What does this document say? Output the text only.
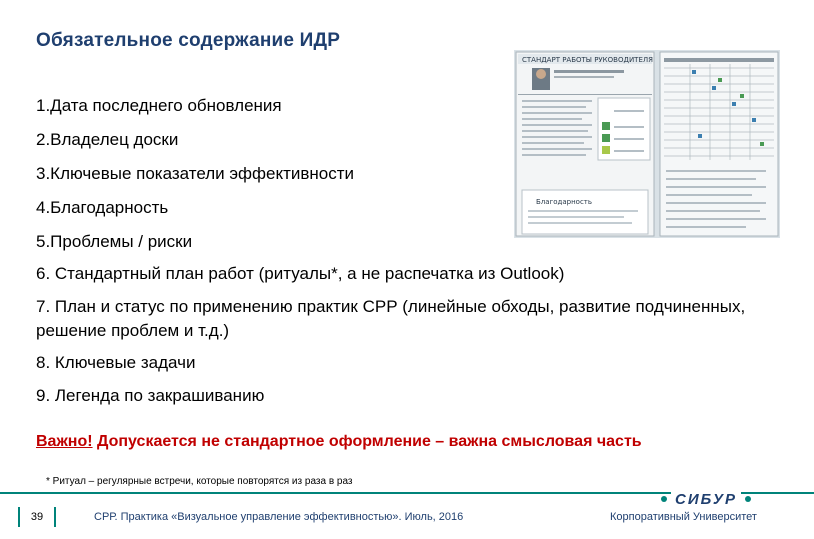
Обязательное содержание ИДР
1.Дата последнего обновления
2.Владелец доски
3.Ключевые показатели эффективности
4.Благодарность
5.Проблемы / риски
6. Стандартный план работ (ритуалы*, а не распечатка из Outlook)
7. План и статус по применению практик СРР (линейные обходы, развитие подчиненных, решение проблем и т.д.)
8. Ключевые задачи
9. Легенда по закрашиванию
Важно! Допускается не стандартное оформление – важна смысловая часть
* Ритуал – регулярные встречи, которые повторятся из раза в раз
СТАНДАРТ РАБОТЫ РУКОВОДИТЕЛЯ
Благодарность
СИБУР
39	СРР. Практика «Визуальное управление эффективностью». Июль, 2016	Корпоративный Университет
